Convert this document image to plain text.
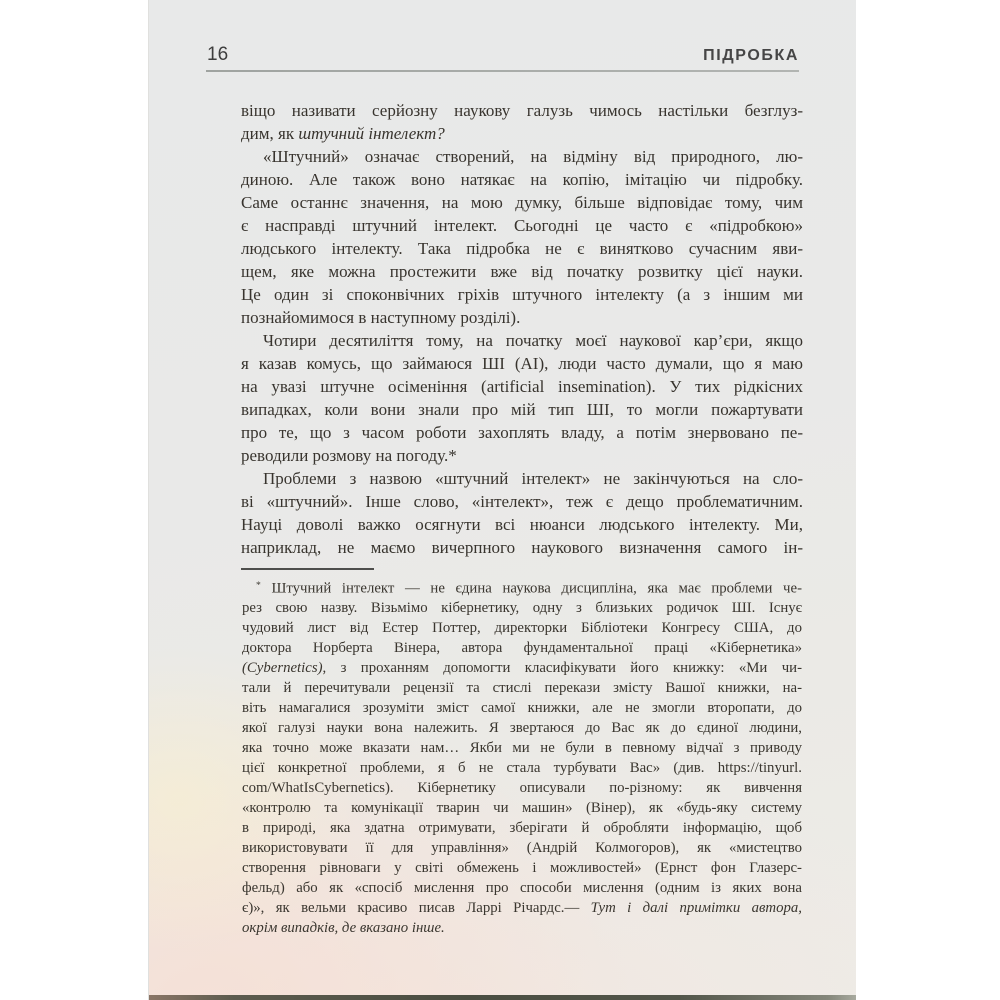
16	ПІДРОБКА
віщо називати серйозну наукову галузь чимось настільки безглуз-
дим, як штучний інтелект?
«Штучний» означає створений, на відміну від природного, лю-
диною. Але також воно натякає на копію, імітацію чи підробку.
Саме останнє значення, на мою думку, більше відповідає тому, чим
є насправді штучний інтелект. Сьогодні це часто є «підробкою»
людського інтелекту. Така підробка не є винятково сучасним яви-
щем, яке можна простежити вже від початку розвитку цієї науки.
Це один зі споконвічних гріхів штучного інтелекту (а з іншим ми
познайомимося в наступному розділі).
Чотири десятиліття тому, на початку моєї наукової кар’єри, якщо
я казав комусь, що займаюся ШІ (AI), люди часто думали, що я маю
на увазі штучне осіменіння (artificial insemination). У тих рідкісних
випадках, коли вони знали про мій тип ШІ, то могли пожартувати
про те, що з часом роботи захоплять владу, а потім знервовано пе-
реводили розмову на погоду.*
Проблеми з назвою «штучний інтелект» не закінчуються на сло-
ві «штучний». Інше слово, «інтелект», теж є дещо проблематичним.
Науці доволі важко осягнути всі нюанси людського інтелекту. Ми,
наприклад, не маємо вичерпного наукового визначення самого ін-
* Штучний інтелект — не єдина наукова дисципліна, яка має проблеми че-
рез свою назву. Візьмімо кібернетику, одну з близьких родичок ШІ. Існує
чудовий лист від Естер Поттер, директорки Бібліотеки Конгресу США, до
доктора Норберта Вінера, автора фундаментальної праці «Кібернетика»
(Cybernetics), з проханням допомогти класифікувати його книжку: «Ми чи-
тали й перечитували рецензії та стислі перекази змісту Вашої книжки, на-
віть намагалися зрозуміти зміст самої книжки, але не змогли второпати, до
якої галузі науки вона належить. Я звертаюся до Вас як до єдиної людини,
яка точно може вказати нам… Якби ми не були в певному відчаї з приводу
цієї конкретної проблеми, я б не стала турбувати Вас» (див. https://tinyurl.
com/WhatIsCybernetics). Кібернетику описували по-різному: як вивчення
«контролю та комунікації тварин чи машин» (Вінер), як «будь-яку систему
в природі, яка здатна отримувати, зберігати й обробляти інформацію, щоб
використовувати її для управління» (Андрій Колмогоров), як «мистецтво
створення рівноваги у світі обмежень і можливостей» (Ернст фон Глазерс-
фельд) або як «спосіб мислення про способи мислення (одним із яких вона
є)», як вельми красиво писав Ларрі Річардс.— Тут і далі примітки автора,
окрім випадків, де вказано інше.
